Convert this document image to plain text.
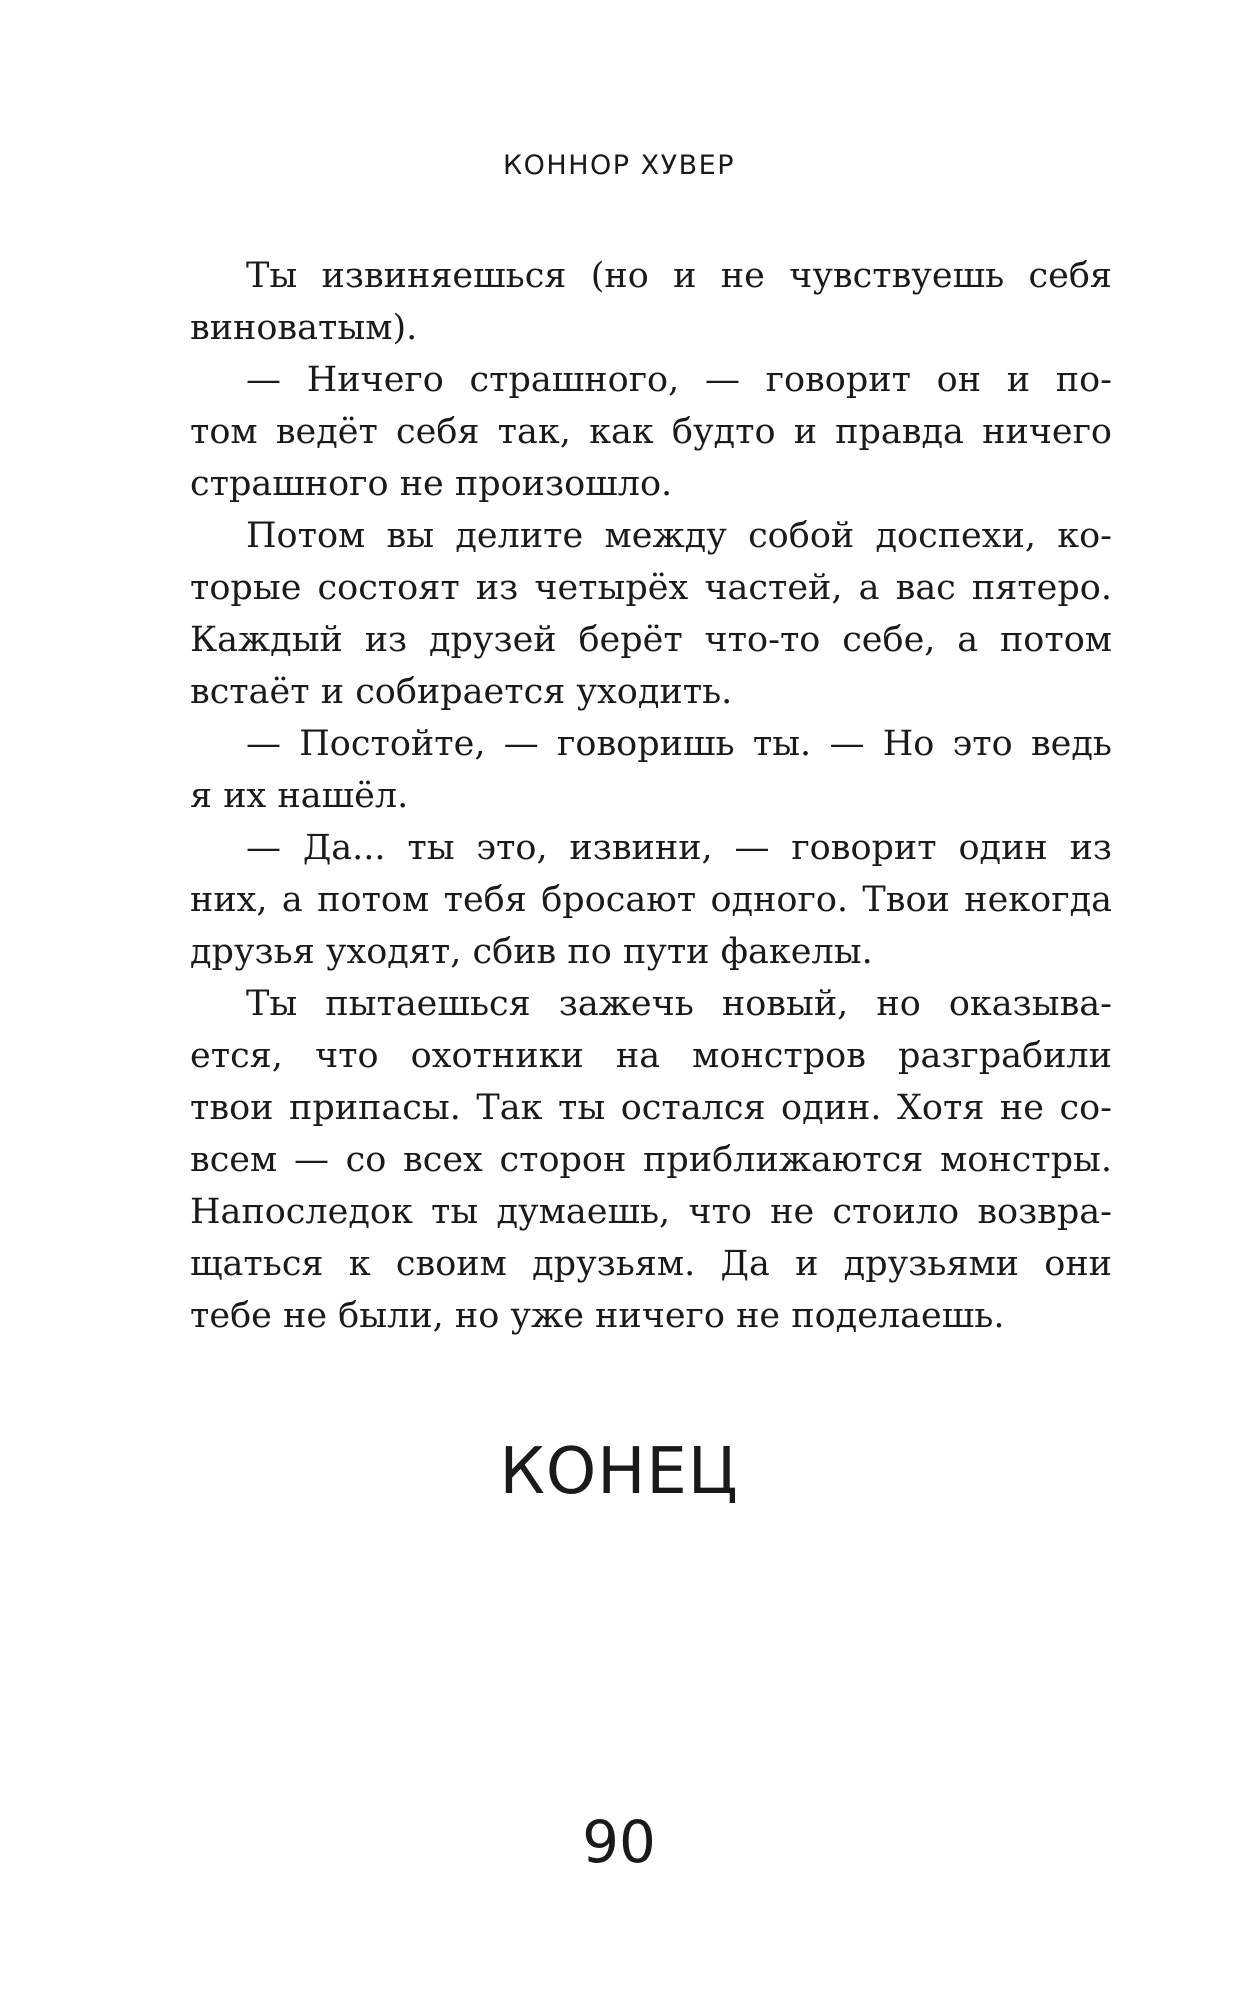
КОННОР ХУВЕР
Ты извиняешься (но и не чувствуешь себя
виноватым).
— Ничего страшного, — говорит он и по-
том ведёт себя так, как будто и правда ничего
страшного не произошло.
Потом вы делите между собой доспехи, ко-
торые состоят из четырёх частей, а вас пятеро.
Каждый из друзей берёт что-то себе, а потом
встаёт и собирается уходить.
— Постойте, — говоришь ты. — Но это ведь
я их нашёл.
— Да... ты это, извини, — говорит один из
них, а потом тебя бросают одного. Твои некогда
друзья уходят, сбив по пути факелы.
Ты пытаешься зажечь новый, но оказыва-
ется, что охотники на монстров разграбили
твои припасы. Так ты остался один. Хотя не со-
всем — со всех сторон приближаются монстры.
Напоследок ты думаешь, что не стоило возвра-
щаться к своим друзьям. Да и друзьями они
тебе не были, но уже ничего не поделаешь.
КОНЕЦ
90
